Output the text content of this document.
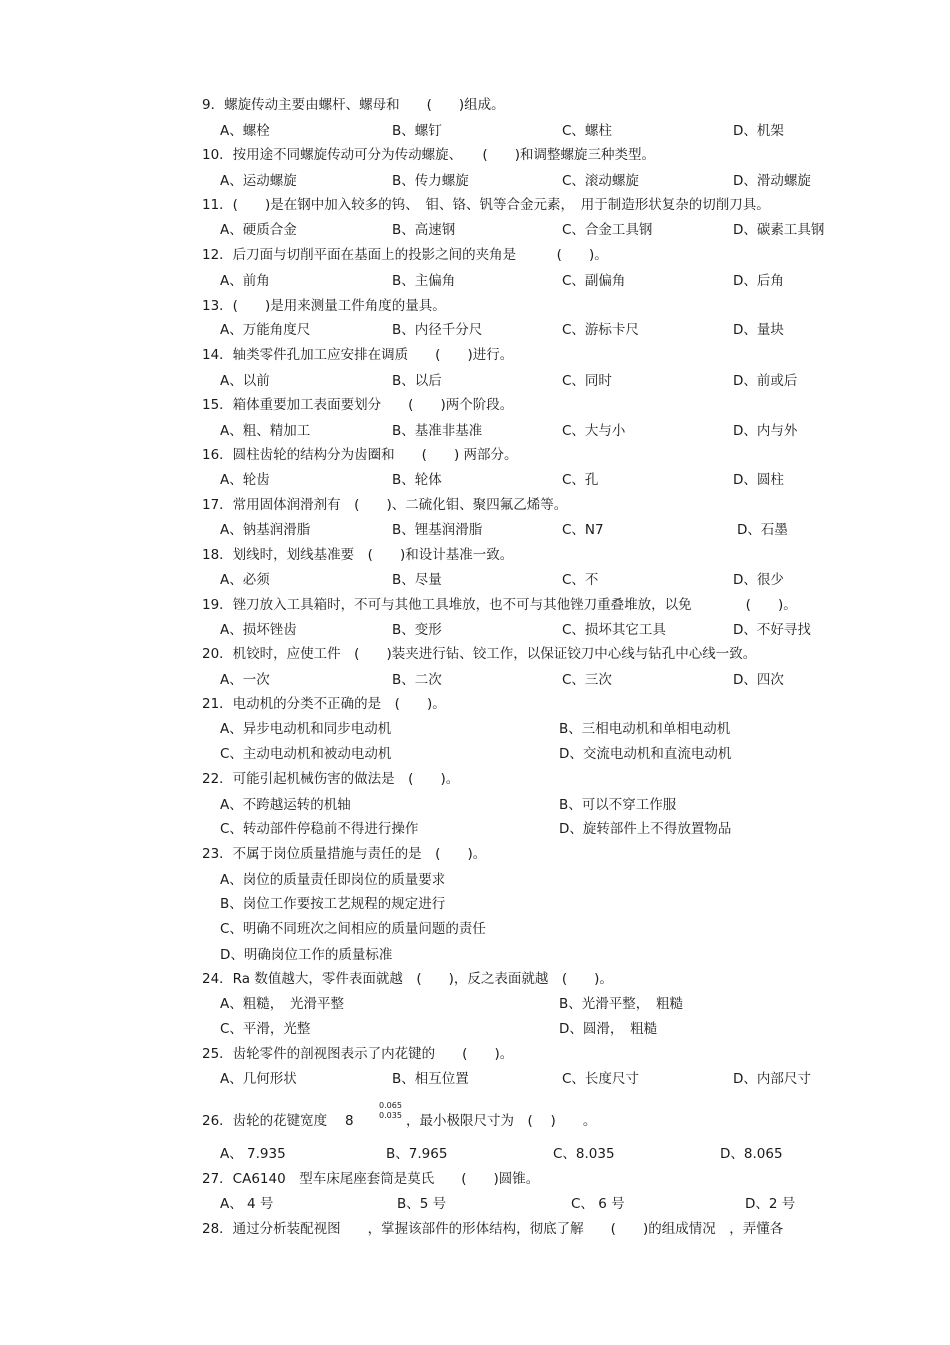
9．螺旋传动主要由螺杆、螺母和　　(　　)组成。
A、螺栓	B、螺钉	C、螺柱	D、机架
10．按用途不同螺旋传动可分为传动螺旋、　　(　　)和调整螺旋三种类型。
A、运动螺旋	B、传力螺旋	C、滚动螺旋	D、滑动螺旋
11．(　　)是在钢中加入较多的钨、　钼、铬、钒等合金元素，　用于制造形状复杂的切削刀具。
A、硬质合金	B、高速钢	C、合金工具钢	D、碳素工具钢
12．后刀面与切削平面在基面上的投影之间的夹角是　　　(　　)。
A、前角	B、主偏角	C、副偏角	D、后角
13．(　　)是用来测量工件角度的量具。
A、万能角度尺	B、内径千分尺	C、游标卡尺	D、量块
14．轴类零件孔加工应安排在调质　　(　　)进行。
A、以前	B、以后	C、同时	D、前或后
15．箱体重要加工表面要划分　　(　　)两个阶段。
A、粗、精加工	B、基准非基准	C、大与小	D、内与外
16．圆柱齿轮的结构分为齿圈和　　(　　) 两部分。
A、轮齿	B、轮体	C、孔	D、圆柱
17．常用固体润滑剂有　(　　)、二硫化钼、聚四氟乙烯等。
A、钠基润滑脂	B、锂基润滑脂	C、N7	D、石墨
18．划线时，划线基准要　(　　)和设计基准一致。
A、必须	B、尽量	C、不	D、很少
19．锉刀放入工具箱时，不可与其他工具堆放，也不可与其他锉刀重叠堆放，以免　　　　(　　)。
A、损坏锉齿	B、变形	C、损坏其它工具	D、不好寻找
20．机铰时，应使工件　(　　)装夹进行钻、铰工作，以保证铰刀中心线与钻孔中心线一致。
A、一次	B、二次	C、三次	D、四次
21．电动机的分类不正确的是　(　　)。
A、异步电动机和同步电动机	B、三相电动机和单相电动机
C、主动电动机和被动电动机	D、交流电动机和直流电动机
22．可能引起机械伤害的做法是　(　　)。
A、不跨越运转的机轴	B、可以不穿工作服
C、转动部件停稳前不得进行操作	D、旋转部件上不得放置物品
23．不属于岗位质量措施与责任的是　(　　)。
A、岗位的质量责任即岗位的质量要求
B、岗位工作要按工艺规程的规定进行
C、明确不同班次之间相应的质量问题的责任
D、明确岗位工作的质量标准
24．Ra 数值越大，零件表面就越　(　　)，反之表面就越　(　　)。
A、粗糙，　光滑平整	B、光滑平整，　粗糙
C、平滑，光整	D、圆滑，　粗糙
25．齿轮零件的剖视图表示了内花键的　　(　　)。
A、几何形状	B、相互位置	C、长度尺寸	D、内部尺寸
26．齿轮的花键宽度　 8
0.065
0.035 ，最小极限尺寸为　(　 )　　。
A、 7.935	B、7.965	C、8.035	D、8.065
27．CA6140　型车床尾座套筒是莫氏　　(　　)圆锥。
A、 4 号	B、5 号	C、 6 号	D、2 号
28．通过分析装配视图　　，掌握该部件的形体结构，彻底了解　　(　　)的组成情况　，弄懂各
